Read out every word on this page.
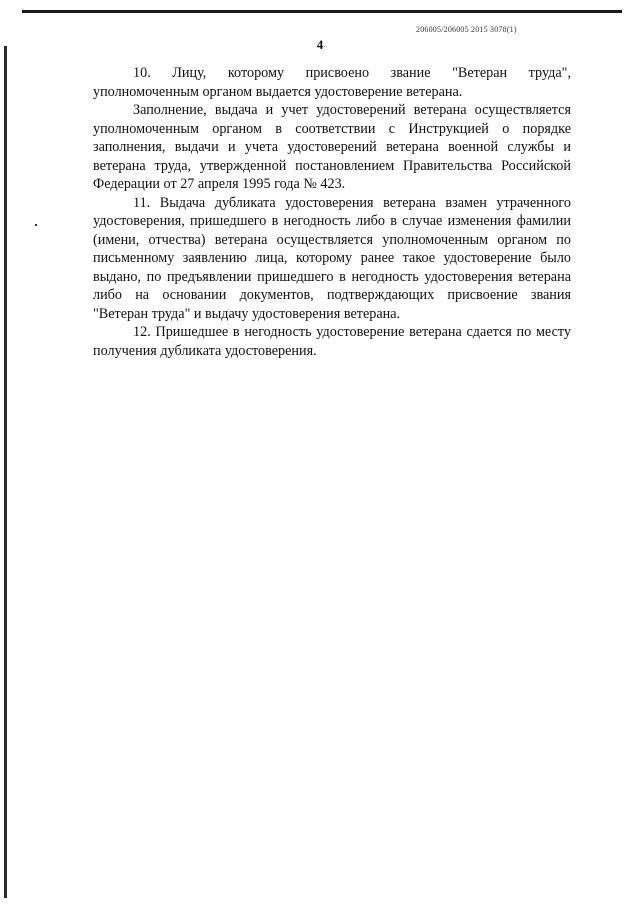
206005/206005 2015 3078(1)
4

10. Лицу, которому присвоено звание "Ветеран труда", уполномоченным органом выдается удостоверение ветерана.

Заполнение, выдача и учет удостоверений ветерана осуществляется уполномоченным органом в соответствии с Инструкцией о порядке заполнения, выдачи и учета удостоверений ветерана военной службы и ветерана труда, утвержденной постановлением Правительства Российской Федерации от 27 апреля 1995 года № 423.

11. Выдача дубликата удостоверения ветерана взамен утраченного удостоверения, пришедшего в негодность либо в случае изменения фамилии (имени, отчества) ветерана осуществляется уполномоченным органом по письменному заявлению лица, которому ранее такое удостоверение было выдано, по предъявлении пришедшего в негодность удостоверения ветерана либо на основании документов, подтверждающих присвоение звания "Ветеран труда" и выдачу удостоверения ветерана.

12. Пришедшее в негодность удостоверение ветерана сдается по месту получения дубликата удостоверения.
